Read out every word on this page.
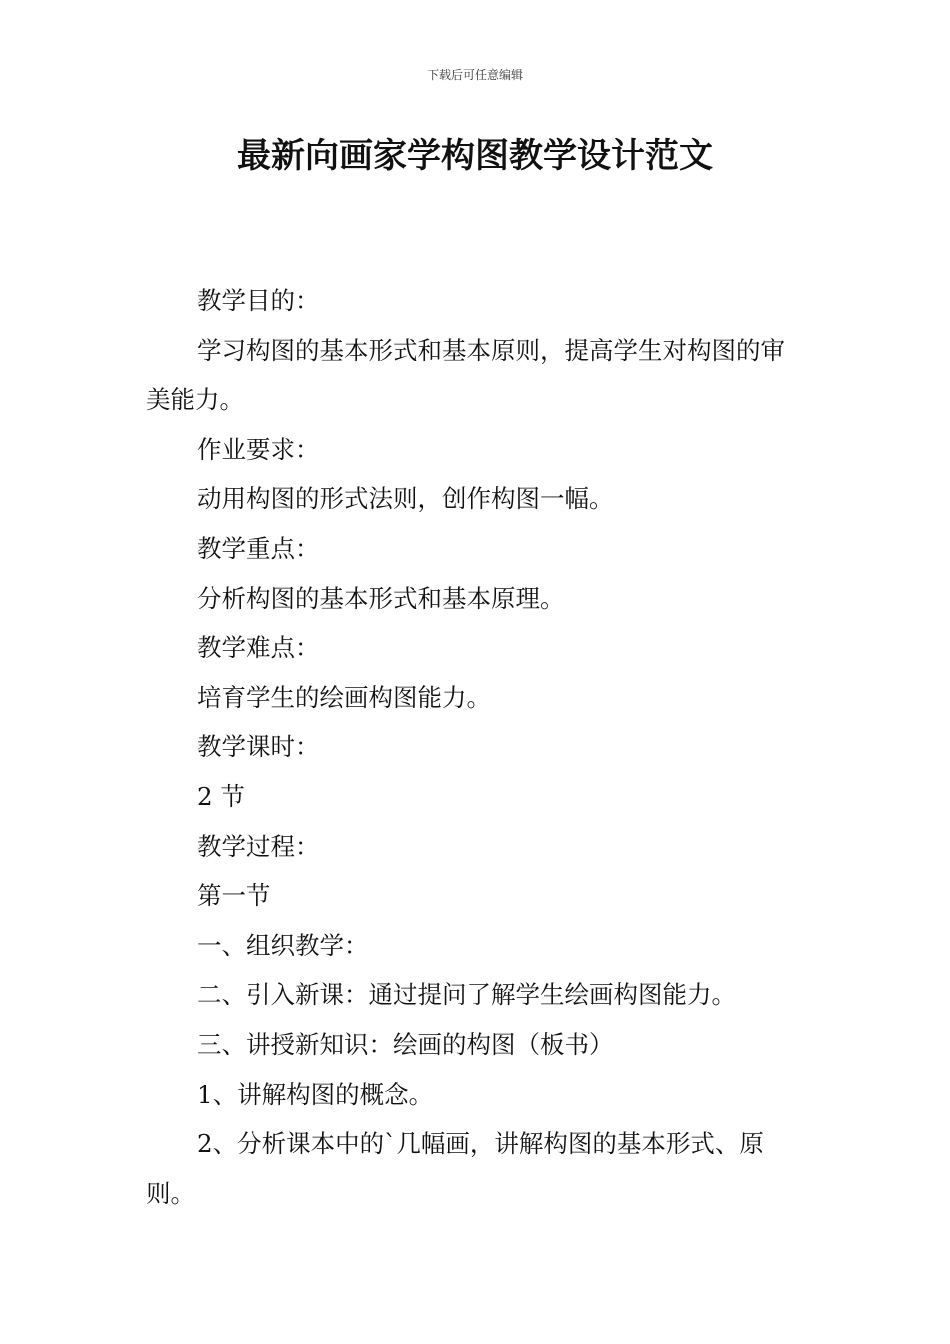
下载后可任意编辑
最新向画家学构图教学设计范文

教学目的：

学习构图的基本形式和基本原则，提高学生对构图的审美能力。

作业要求：

动用构图的形式法则，创作构图一幅。

教学重点：

分析构图的基本形式和基本原理。

教学难点：

培育学生的绘画构图能力。

教学课时：

2 节

教学过程：

第一节

一、组织教学：

二、引入新课：通过提问了解学生绘画构图能力。

三、讲授新知识：绘画的构图（板书）

1、讲解构图的概念。

2、分析课本中的`几幅画，讲解构图的基本形式、原则。
